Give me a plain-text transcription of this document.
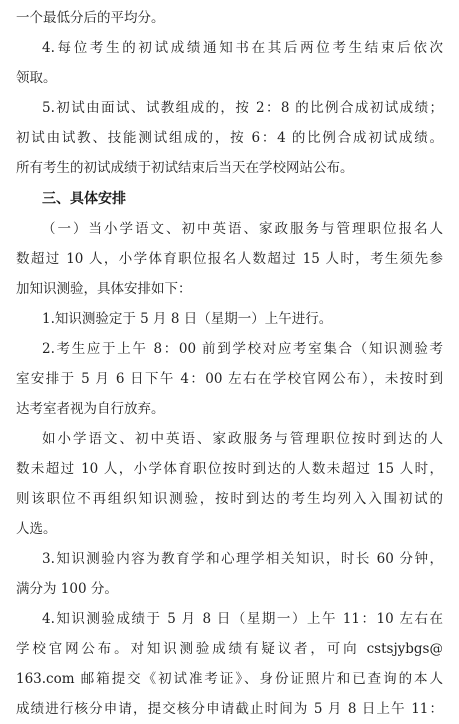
一个最低分后的平均分。
4.每位考生的初试成绩通知书在其后两位考生结束后依次
领取。
5.初试由面试、试教组成的，按 2：8 的比例合成初试成绩；
初试由试教、技能测试组成的，按 6：4 的比例合成初试成绩。
所有考生的初试成绩于初试结束后当天在学校网站公布。
三、具体安排
（一）当小学语文、初中英语、家政服务与管理职位报名人
数超过 10 人，小学体育职位报名人数超过 15 人时，考生须先参
加知识测验，具体安排如下：
1.知识测验定于 5 月 8 日（星期一）上午进行。
2.考生应于上午 8：00 前到学校对应考室集合（知识测验考
室安排于 5 月 6 日下午 4：00 左右在学校官网公布），未按时到
达考室者视为自行放弃。
如小学语文、初中英语、家政服务与管理职位按时到达的人
数未超过 10 人，小学体育职位按时到达的人数未超过 15 人时，
则该职位不再组织知识测验，按时到达的考生均列入入围初试的
人选。
3.知识测验内容为教育学和心理学相关知识，时长 60 分钟，
满分为 100 分。
4.知识测验成绩于 5 月 8 日（星期一）上午 11：10 左右在
学校官网公布。对知识测验成绩有疑议者，可向 cstsjybgs@
163.com 邮箱提交《初试准考证》、身份证照片和已查询的本人
成绩进行核分申请，提交核分申请截止时间为 5 月 8 日上午 11：
